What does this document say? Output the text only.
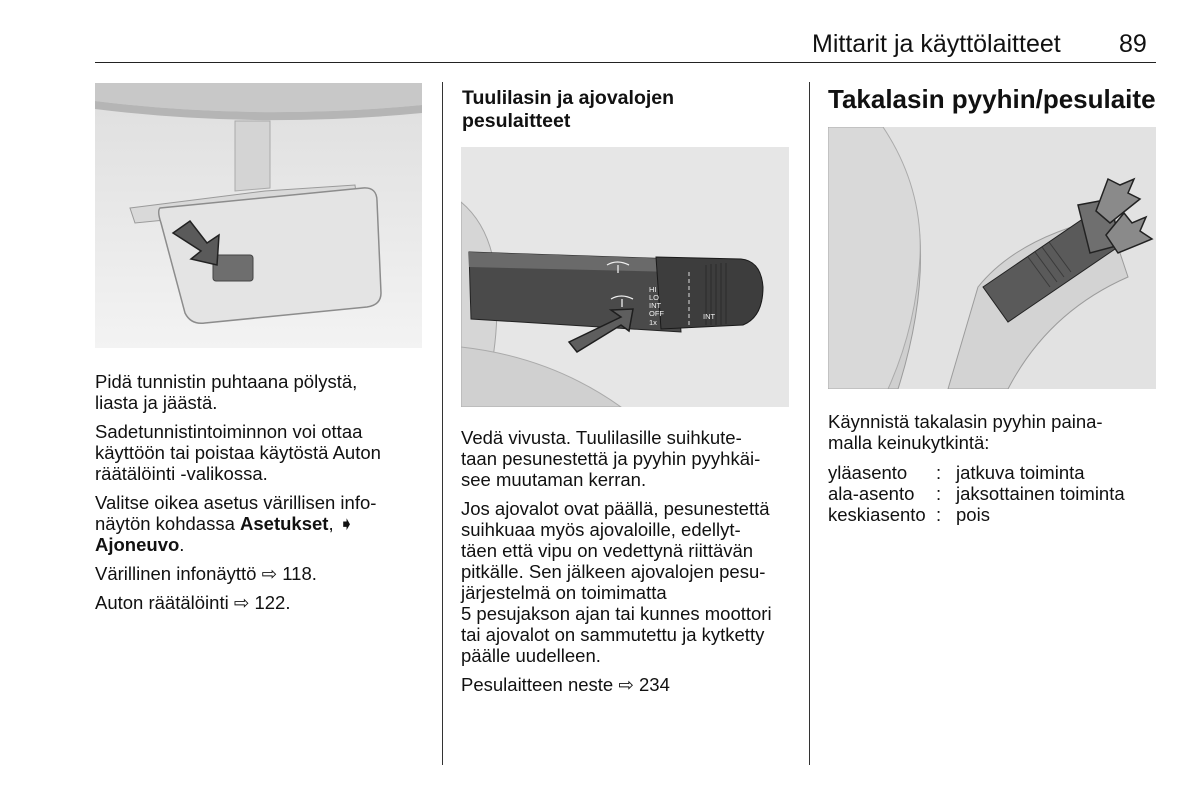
Mittarit ja käyttölaitteet 89

Pidä tunnistin puhtaana pölystä,
liasta ja jäästä.

Sadetunnistintoiminnon voi ottaa
käyttöön tai poistaa käytöstä Auton
räätälöinti -valikossa.

Valitse oikea asetus värillisen info-
näytön kohdassa Asetukset, ➧
Ajoneuvo.

Värillinen infonäyttö ⇨ 118.

Auton räätälöinti ⇨ 122.

Tuulilasin ja ajovalojen
pesulaitteet
HI
LO
INT
OFF
1x
INT

Vedä vivusta. Tuulilasille suihkute-
taan pesunestettä ja pyyhin pyyhkäi-
see muutaman kerran.

Jos ajovalot ovat päällä, pesunestettä
suihkuaa myös ajovaloille, edellyt-
täen että vipu on vedettynä riittävän
pitkälle. Sen jälkeen ajovalojen pesu-
järjestelmä on toimimatta
5 pesujakson ajan tai kunnes moottori
tai ajovalot on sammutettu ja kytketty
päälle uudelleen.

Pesulaitteen neste ⇨ 234

Takalasin pyyhin/pesulaite

Käynnistä takalasin pyyhin paina-
malla keinukytkintä:

yläasento	: jatkuva toiminta
ala-asento	: jaksottainen toiminta
keskiasento : pois
